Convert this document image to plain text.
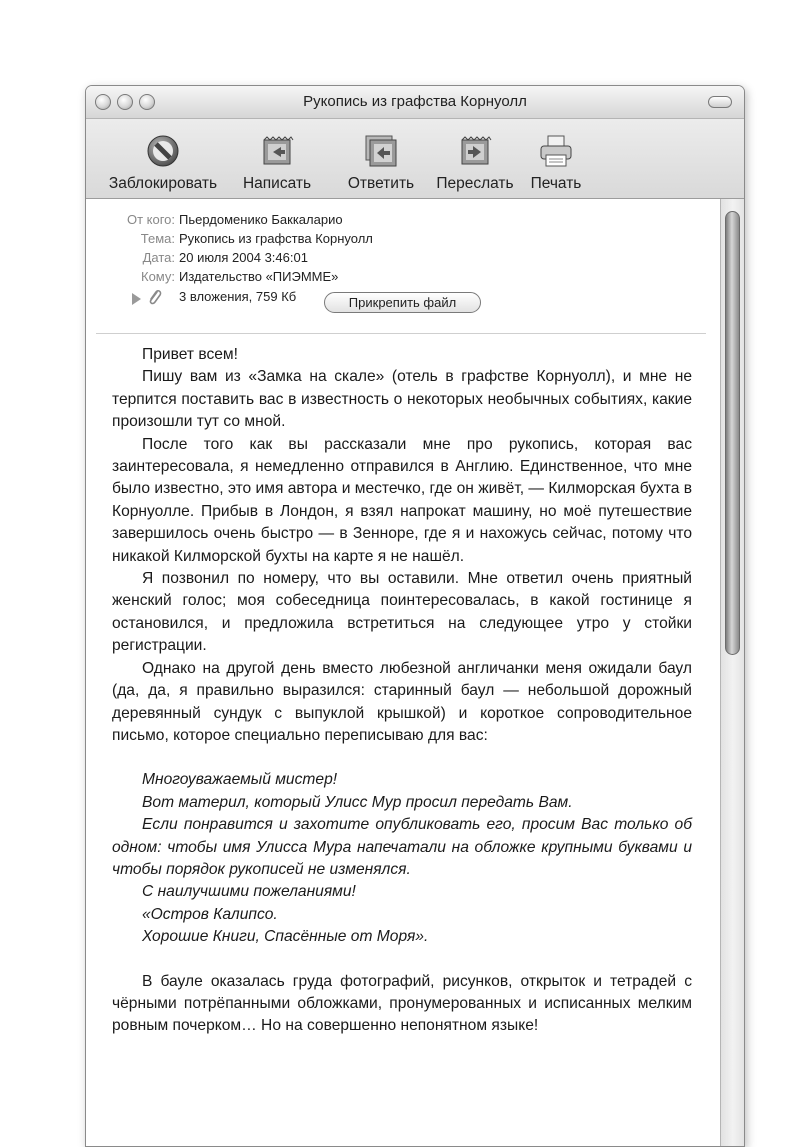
Рукопись из графства Корнуолл
Заблокировать	Написать	Ответить	Переслать	Печать
От кого: Пьердоменико Баккаларио
Тема: Рукопись из графства Корнуолл
Дата: 20 июля 2004 3:46:01
Кому: Издательство «ПИЭММЕ»
3 вложения, 759 Кб	Прикрепить файл

Привет всем!

Пишу вам из «Замка на скале» (отель в графстве Корнуолл), и мне не терпится поставить вас в известность о некоторых необычных событиях, какие произошли тут со мной.

После того как вы рассказали мне про рукопись, которая вас заинтересовала, я немедленно отправился в Англию. Единственное, что мне было известно, это имя автора и местечко, где он живёт, — Килморская бухта в Корнуолле. Прибыв в Лондон, я взял напрокат машину, но моё путешествие завершилось очень быстро — в Зенноре, где я и нахожусь сейчас, потому что никакой Килморской бухты на карте я не нашёл.

Я позвонил по номеру, что вы оставили. Мне ответил очень приятный женский голос; моя собеседница поинтересовалась, в какой гостинице я остановился, и предложила встретиться на следующее утро у стойки регистрации.

Однако на другой день вместо любезной англичанки меня ожидали баул (да, да, я правильно выразился: старинный баул — небольшой дорожный деревянный сундук с выпуклой крышкой) и короткое сопроводительное письмо, которое специально переписываю для вас:

Многоуважаемый мистер!

Вот материл, который Улисс Мур просил передать Вам.

Если понравится и захотите опубликовать его, просим Вас только об одном: чтобы имя Улисса Мура напечатали на обложке крупными буквами и чтобы порядок рукописей не изменялся.

С наилучшими пожеланиями!

«Остров Калипсо.

Хорошие Книги, Спасённые от Моря».

В бауле оказалась груда фотографий, рисунков, открыток и тетрадей с чёрными потрёпанными обложками, пронумерованных и исписанных мелким ровным почерком… Но на совершенно непонятном языке!
